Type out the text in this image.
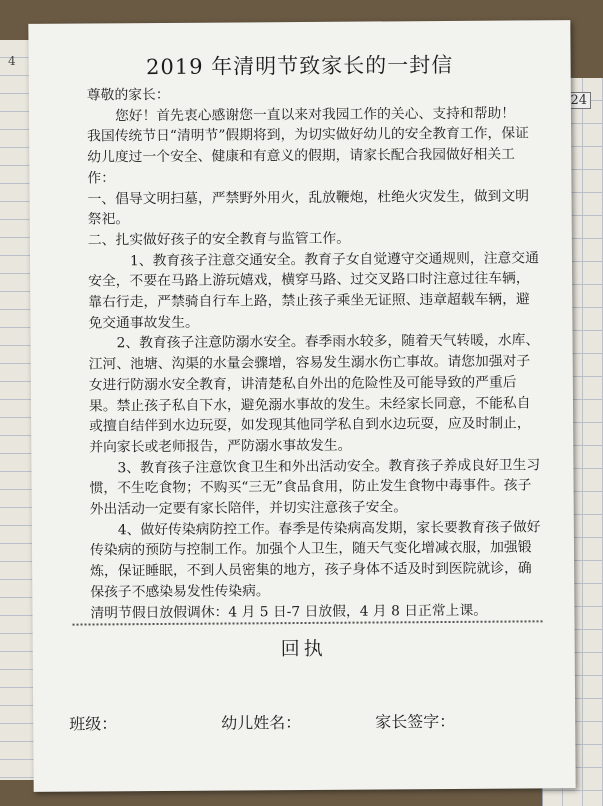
4
24
2019 年清明节致家长的一封信

尊敬的家长：

您好！首先衷心感谢您一直以来对我园工作的关心、支持和帮助！

我国传统节日“清明节”假期将到，为切实做好幼儿的安全教育工作，保证幼儿度过一个安全、健康和有意义的假期，请家长配合我园做好相关工作：

一、倡导文明扫墓，严禁野外用火，乱放鞭炮，杜绝火灾发生，做到文明祭祀。

二、扎实做好孩子的安全教育与监管工作。

1、教育孩子注意交通安全。教育子女自觉遵守交通规则，注意交通安全，不要在马路上游玩嬉戏，横穿马路、过交叉路口时注意过往车辆，靠右行走，严禁骑自行车上路，禁止孩子乘坐无证照、违章超载车辆，避免交通事故发生。

2、教育孩子注意防溺水安全。春季雨水较多，随着天气转暖，水库、江河、池塘、沟渠的水量会骤增，容易发生溺水伤亡事故。请您加强对子女进行防溺水安全教育，讲清楚私自外出的危险性及可能导致的严重后果。禁止孩子私自下水，避免溺水事故的发生。未经家长同意，不能私自或擅自结伴到水边玩耍，如发现其他同学私自到水边玩耍，应及时制止，并向家长或老师报告，严防溺水事故发生。

3、教育孩子注意饮食卫生和外出活动安全。教育孩子养成良好卫生习惯，不生吃食物；不购买“三无”食品食用，防止发生食物中毒事件。孩子外出活动一定要有家长陪伴，并切实注意孩子安全。

4、做好传染病防控工作。春季是传染病高发期，家长要教育孩子做好传染病的预防与控制工作。加强个人卫生，随天气变化增减衣服，加强锻炼，保证睡眠，不到人员密集的地方，孩子身体不适及时到医院就诊，确保孩子不感染易发性传染病。

清明节假日放假调休：4 月 5 日-7 日放假，4 月 8 日正常上课。

回执
班级：	幼儿姓名：	家长签字：
